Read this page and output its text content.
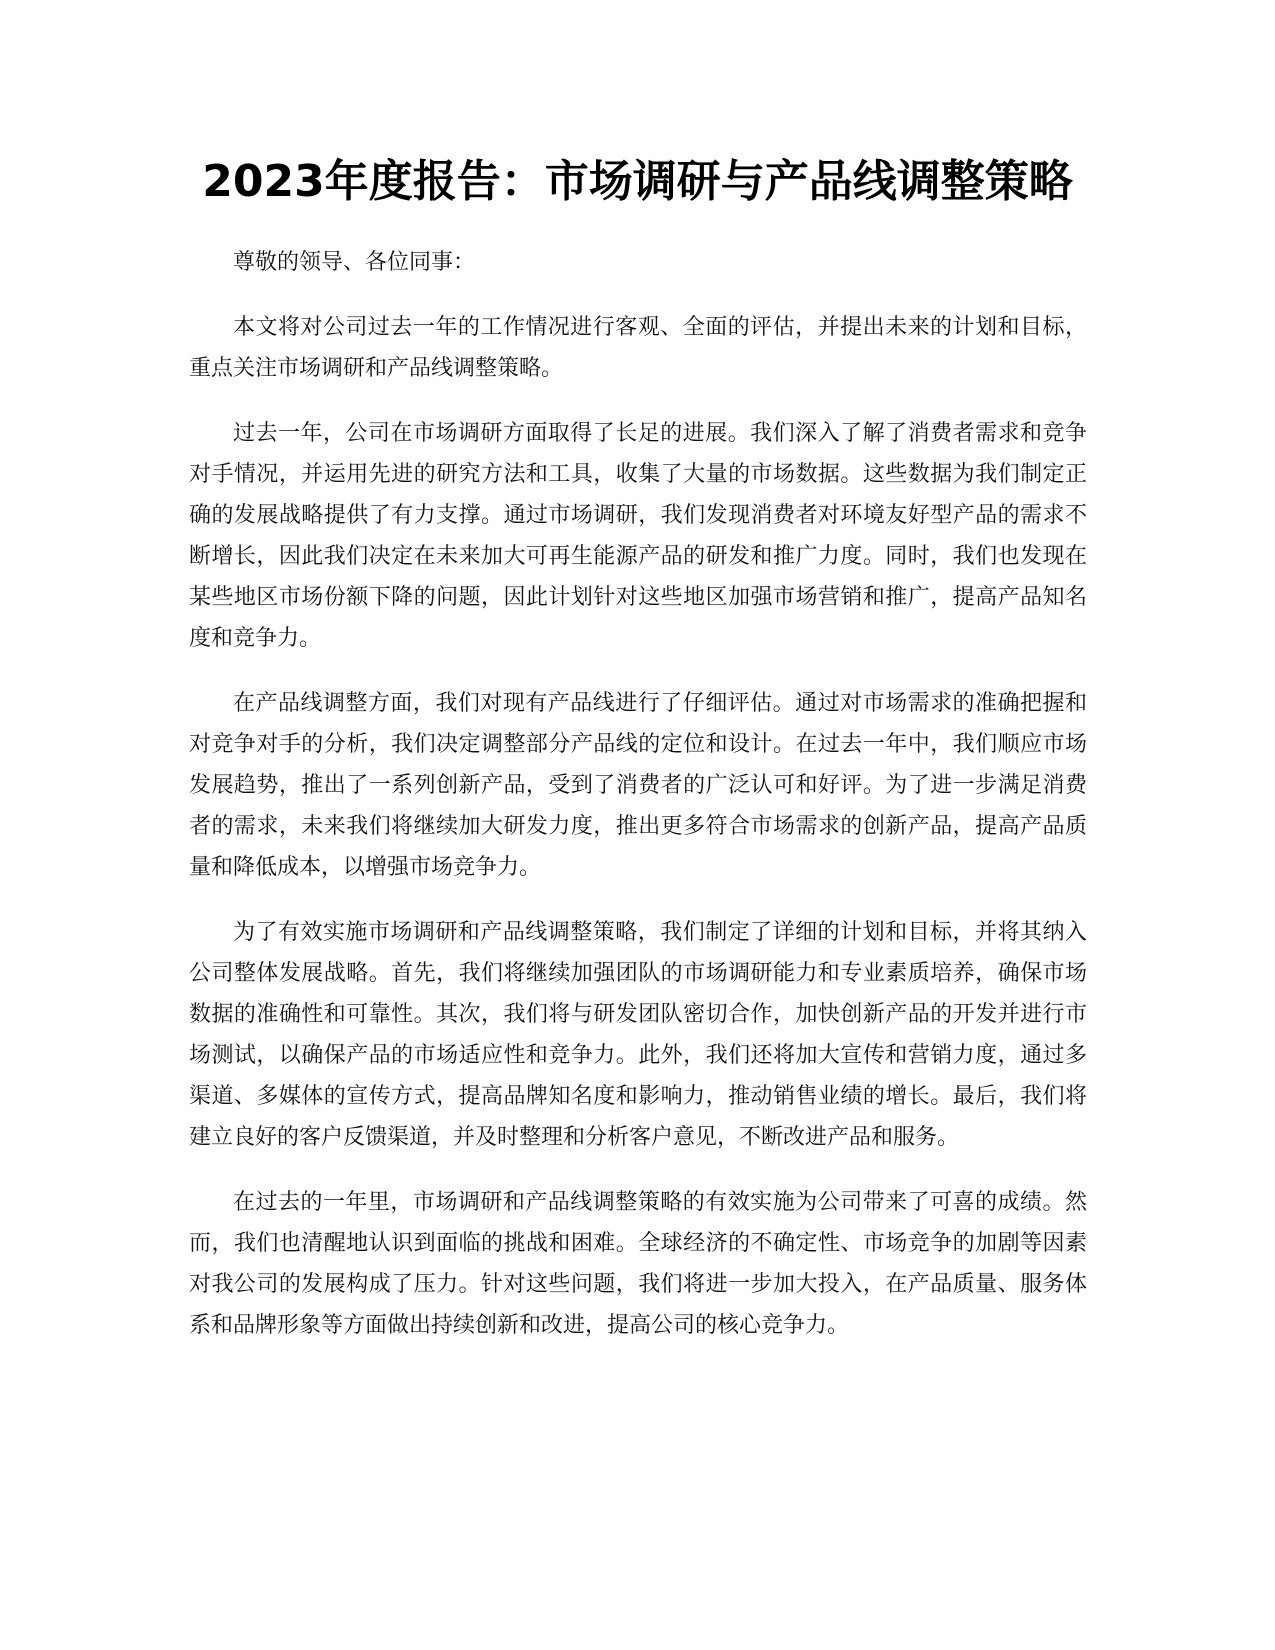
2023年度报告：市场调研与产品线调整策略

尊敬的领导、各位同事：

本文将对公司过去一年的工作情况进行客观、全面的评估，并提出未来的计划和目标，重点关注市场调研和产品线调整策略。

过去一年，公司在市场调研方面取得了长足的进展。我们深入了解了消费者需求和竞争对手情况，并运用先进的研究方法和工具，收集了大量的市场数据。这些数据为我们制定正确的发展战略提供了有力支撑。通过市场调研，我们发现消费者对环境友好型产品的需求不断增长，因此我们决定在未来加大可再生能源产品的研发和推广力度。同时，我们也发现在某些地区市场份额下降的问题，因此计划针对这些地区加强市场营销和推广，提高产品知名度和竞争力。

在产品线调整方面，我们对现有产品线进行了仔细评估。通过对市场需求的准确把握和对竞争对手的分析，我们决定调整部分产品线的定位和设计。在过去一年中，我们顺应市场发展趋势，推出了一系列创新产品，受到了消费者的广泛认可和好评。为了进一步满足消费者的需求，未来我们将继续加大研发力度，推出更多符合市场需求的创新产品，提高产品质量和降低成本，以增强市场竞争力。

为了有效实施市场调研和产品线调整策略，我们制定了详细的计划和目标，并将其纳入公司整体发展战略。首先，我们将继续加强团队的市场调研能力和专业素质培养，确保市场数据的准确性和可靠性。其次，我们将与研发团队密切合作，加快创新产品的开发并进行市场测试，以确保产品的市场适应性和竞争力。此外，我们还将加大宣传和营销力度，通过多渠道、多媒体的宣传方式，提高品牌知名度和影响力，推动销售业绩的增长。最后，我们将建立良好的客户反馈渠道，并及时整理和分析客户意见，不断改进产品和服务。

在过去的一年里，市场调研和产品线调整策略的有效实施为公司带来了可喜的成绩。然而，我们也清醒地认识到面临的挑战和困难。全球经济的不确定性、市场竞争的加剧等因素对我公司的发展构成了压力。针对这些问题，我们将进一步加大投入，在产品质量、服务体系和品牌形象等方面做出持续创新和改进，提高公司的核心竞争力。
